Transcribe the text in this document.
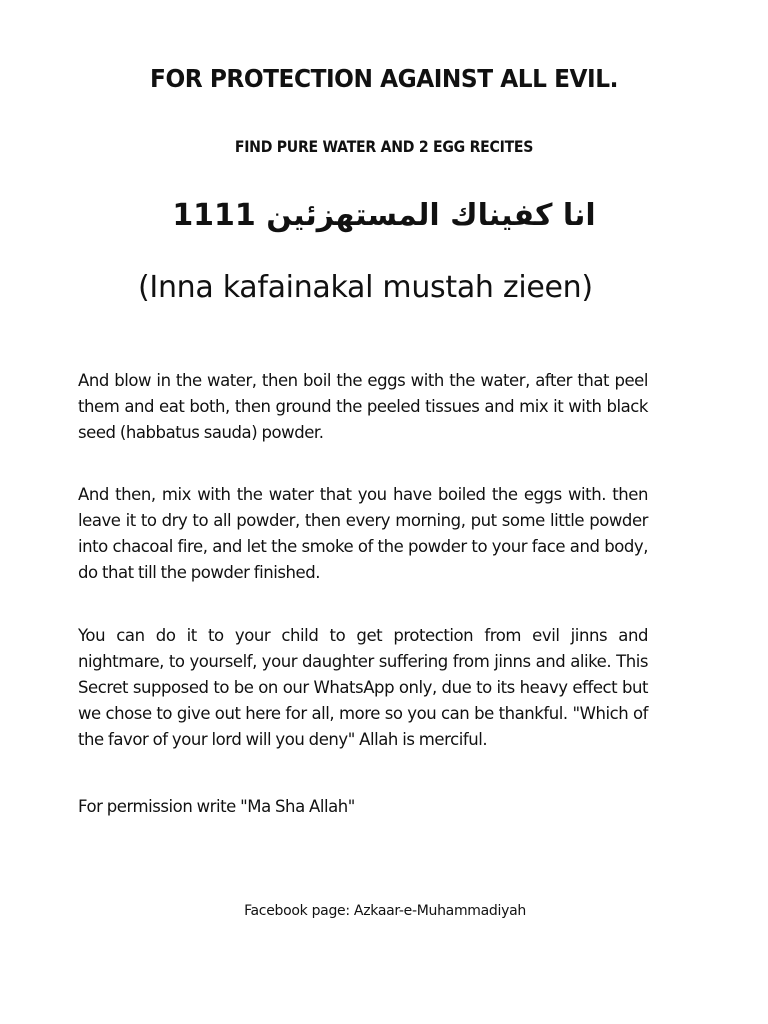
FOR PROTECTION AGAINST ALL EVIL.
FIND PURE WATER AND 2 EGG RECITES
1111 انا كفيناك المستهزئين
(Inna kafainakal mustah zieen)
And blow in the water, then boil the eggs with the water, after that peel them and eat both, then ground the peeled tissues and mix it with black seed (habbatus sauda) powder.
And then, mix with the water that you have boiled the eggs with. then leave it to dry to all powder, then every morning, put some little powder into chacoal fire, and let the smoke of the powder to your face and body, do that till the powder finished.
You can do it to your child to get protection from evil jinns and nightmare, to yourself, your daughter suffering from jinns and alike. This Secret supposed to be on our WhatsApp only, due to its heavy effect but we chose to give out here for all, more so you can be thankful. "Which of the favor of your lord will you deny" Allah is merciful.
For permission write "Ma Sha Allah"
Facebook page: Azkaar-e-Muhammadiyah
